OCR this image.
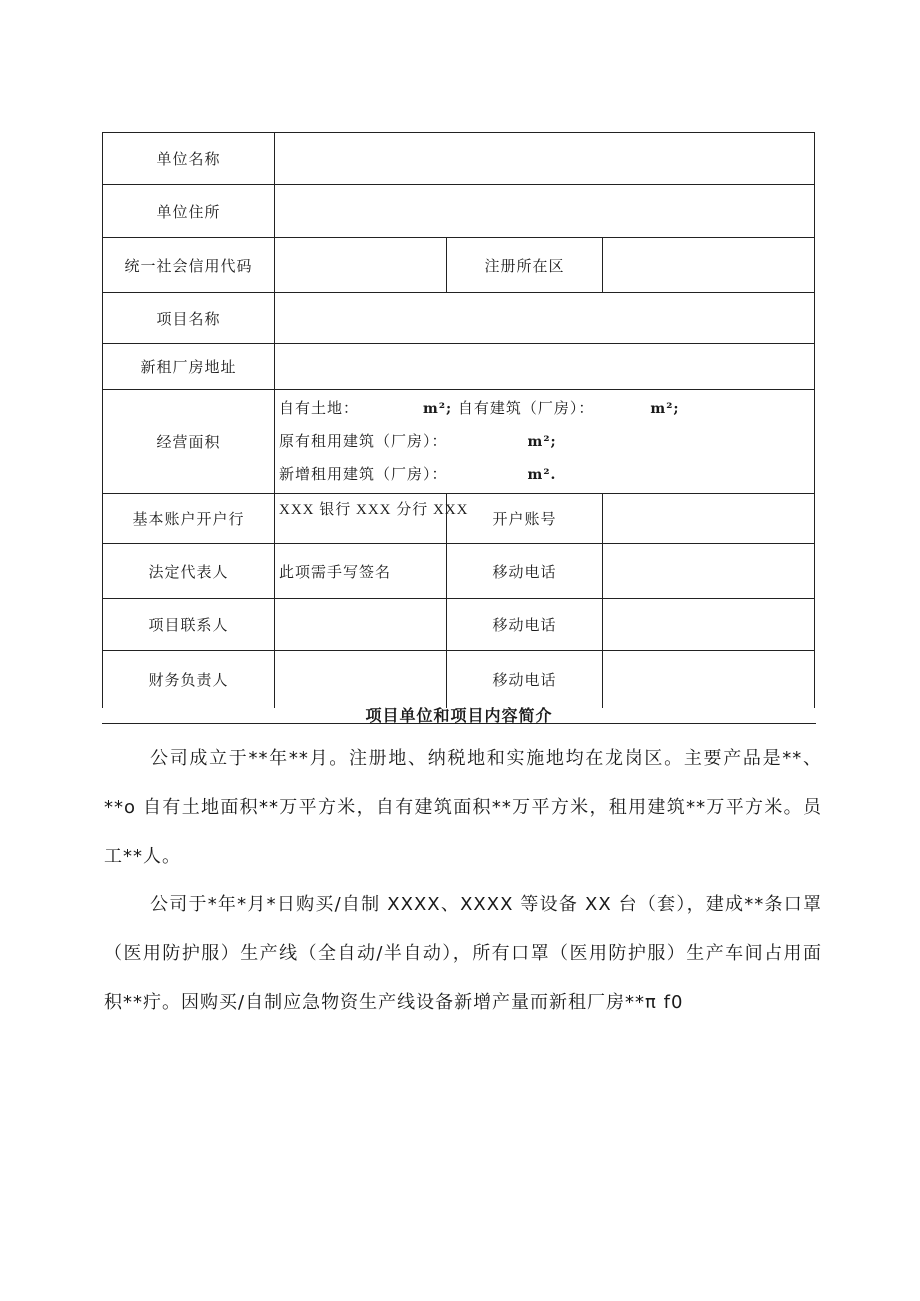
单位名称			
单位住所			
统一社会信用代码		注册所在区	
项目名称			
新租厂房地址			
经营面积	自有土地： m²; 自有建筑（厂房）： m²;
原有租用建筑（厂房）： m²;
新增租用建筑（厂房）： m².		

基本账户开户行	XXX 银行 XXX 分行 XXX	开户账号	
法定代表人	此项需手写签名	移动电话	
项目联系人		移动电话	
财务负责人		移动电话	
项目单位和项目内容简介

公司成立于**年**月。注册地、纳税地和实施地均在龙岗区。主要产品是**、**o 自有土地面积**万平方米，自有建筑面积**万平方米，租用建筑**万平方米。员工**人。

公司于*年*月*日购买/自制 XXXX、XXXX 等设备 XX 台（套），建成**条口罩（医用防护服）生产线（全自动/半自动），所有口罩（医用防护服）生产车间占用面积**疔。因购买/自制应急物资生产线设备新增产量而新租厂房**π f0
